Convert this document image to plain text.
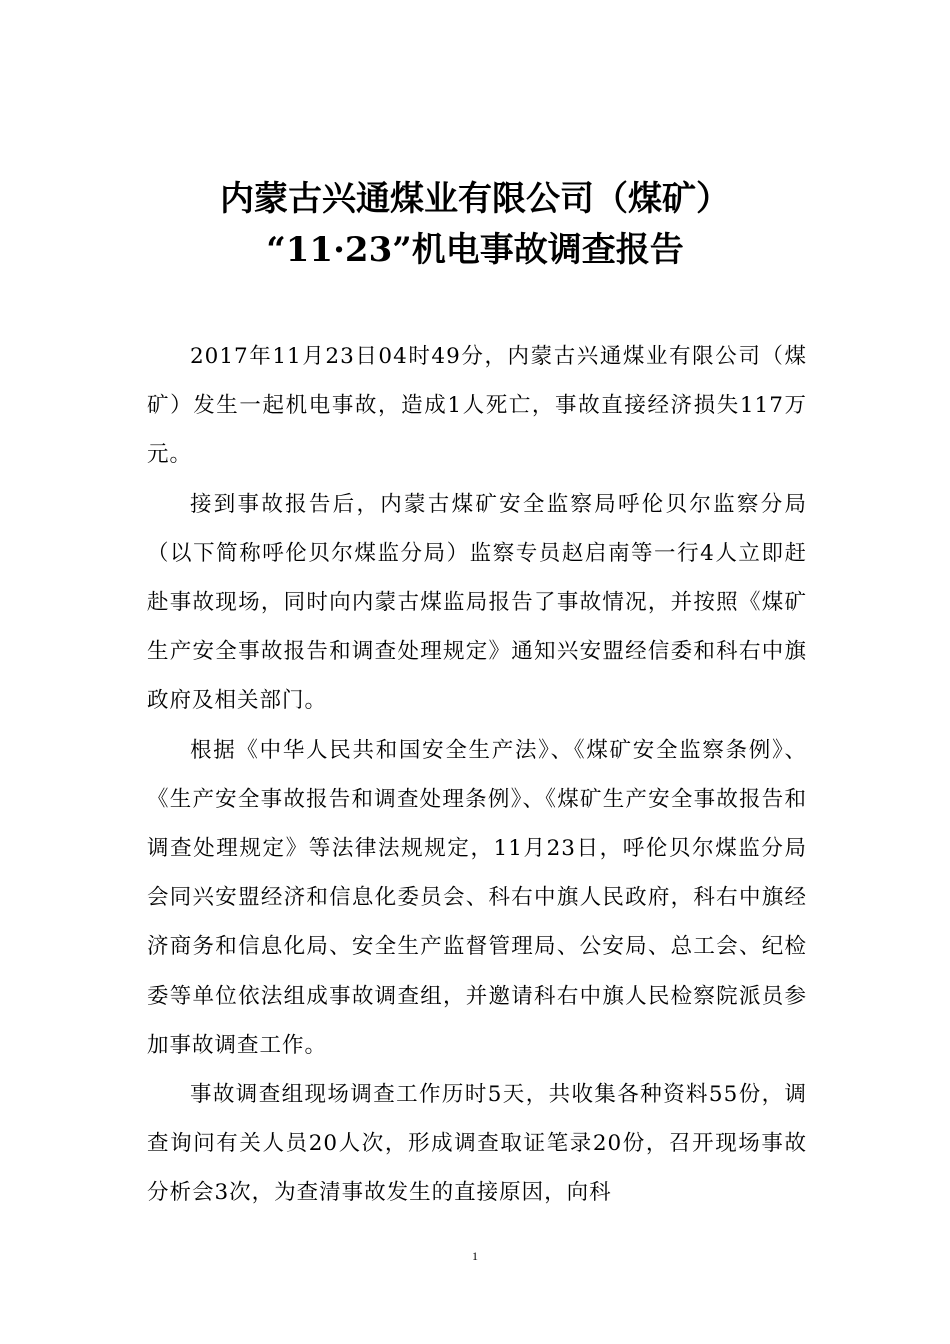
内蒙古兴通煤业有限公司（煤矿）
“11·23”机电事故调查报告

2017年11月23日04时49分，内蒙古兴通煤业有限公司（煤矿）发生一起机电事故，造成1人死亡，事故直接经济损失117万元。

接到事故报告后，内蒙古煤矿安全监察局呼伦贝尔监察分局（以下简称呼伦贝尔煤监分局）监察专员赵启南等一行4人立即赶赴事故现场，同时向内蒙古煤监局报告了事故情况，并按照《煤矿生产安全事故报告和调查处理规定》通知兴安盟经信委和科右中旗政府及相关部门。

根据《中华人民共和国安全生产法》、《煤矿安全监察条例》、《生产安全事故报告和调查处理条例》、《煤矿生产安全事故报告和调查处理规定》等法律法规规定，11月23日，呼伦贝尔煤监分局会同兴安盟经济和信息化委员会、科右中旗人民政府，科右中旗经济商务和信息化局、安全生产监督管理局、公安局、总工会、纪检委等单位依法组成事故调查组，并邀请科右中旗人民检察院派员参加事故调查工作。

事故调查组现场调查工作历时5天，共收集各种资料55份，调查询问有关人员20人次，形成调查取证笔录20份，召开现场事故分析会3次，为查清事故发生的直接原因，向科

1
